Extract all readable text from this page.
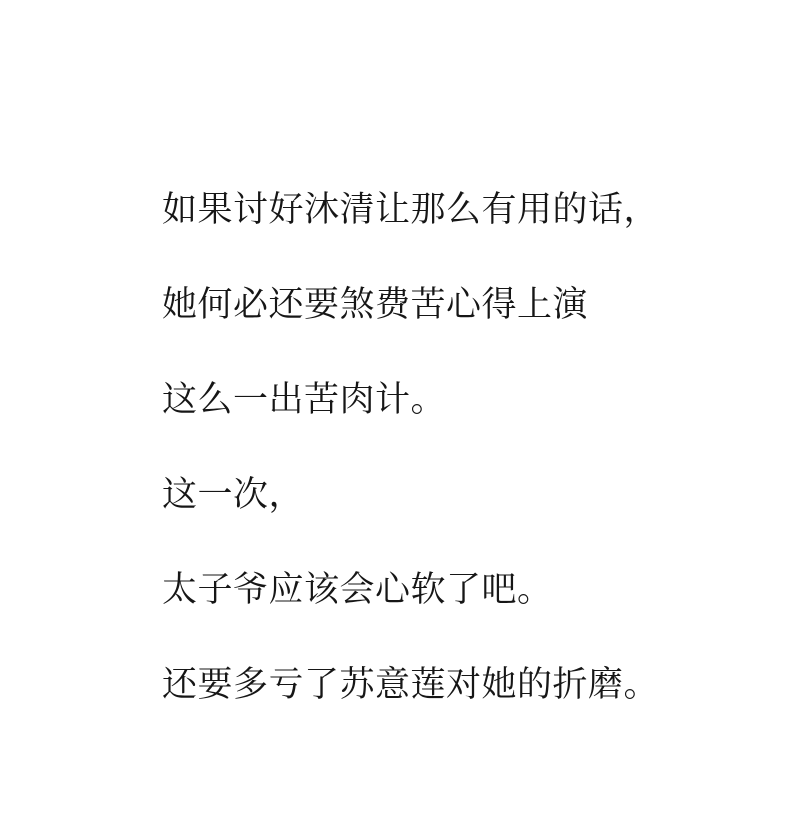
如果讨好沐清让那么有用的话，

她何必还要煞费苦心得上演

这么一出苦肉计。

这一次，

太子爷应该会心软了吧。

还要多亏了苏意莲对她的折磨。
